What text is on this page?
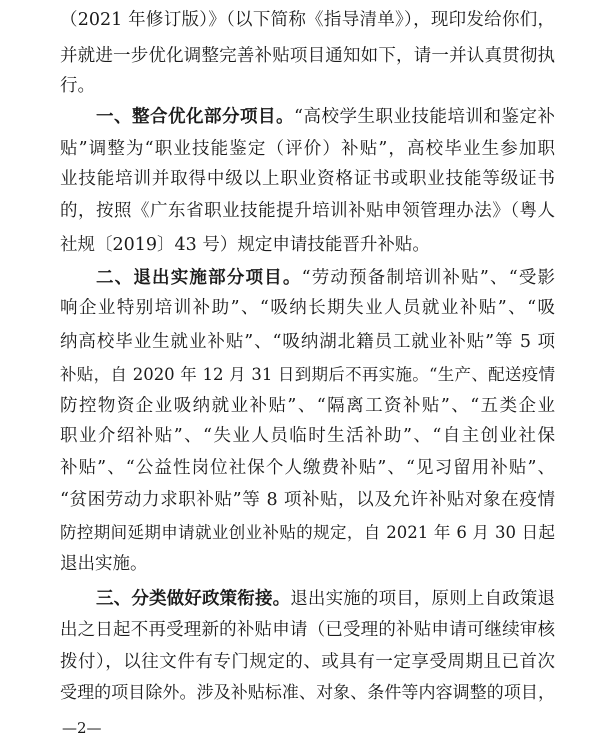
（2021 年修订版）》（以下简称《指导清单》），现印发给你们，
并就进一步优化调整完善补贴项目通知如下，请一并认真贯彻执
行。
一、整合优化部分项目。“高校学生职业技能培训和鉴定补
贴”调整为“职业技能鉴定（评价）补贴”，高校毕业生参加职
业技能培训并取得中级以上职业资格证书或职业技能等级证书
的，按照《广东省职业技能提升培训补贴申领管理办法》（粤人
社规〔2019〕43 号）规定申请技能晋升补贴。
二、退出实施部分项目。“劳动预备制培训补贴”、“受影
响企业特别培训补助”、“吸纳长期失业人员就业补贴”、“吸
纳高校毕业生就业补贴”、“吸纳湖北籍员工就业补贴”等 5 项
补贴，自 2020 年 12 月 31 日到期后不再实施。“生产、配送疫情
防控物资企业吸纳就业补贴”、“隔离工资补贴”、“五类企业
职业介绍补贴”、“失业人员临时生活补助”、“自主创业社保
补贴”、“公益性岗位社保个人缴费补贴”、“见习留用补贴”、
“贫困劳动力求职补贴”等 8 项补贴，以及允许补贴对象在疫情
防控期间延期申请就业创业补贴的规定，自 2021 年 6 月 30 日起
退出实施。
三、分类做好政策衔接。退出实施的项目，原则上自政策退
出之日起不再受理新的补贴申请（已受理的补贴申请可继续审核
拨付），以往文件有专门规定的、或具有一定享受周期且已首次
受理的项目除外。涉及补贴标准、对象、条件等内容调整的项目，
—2—
